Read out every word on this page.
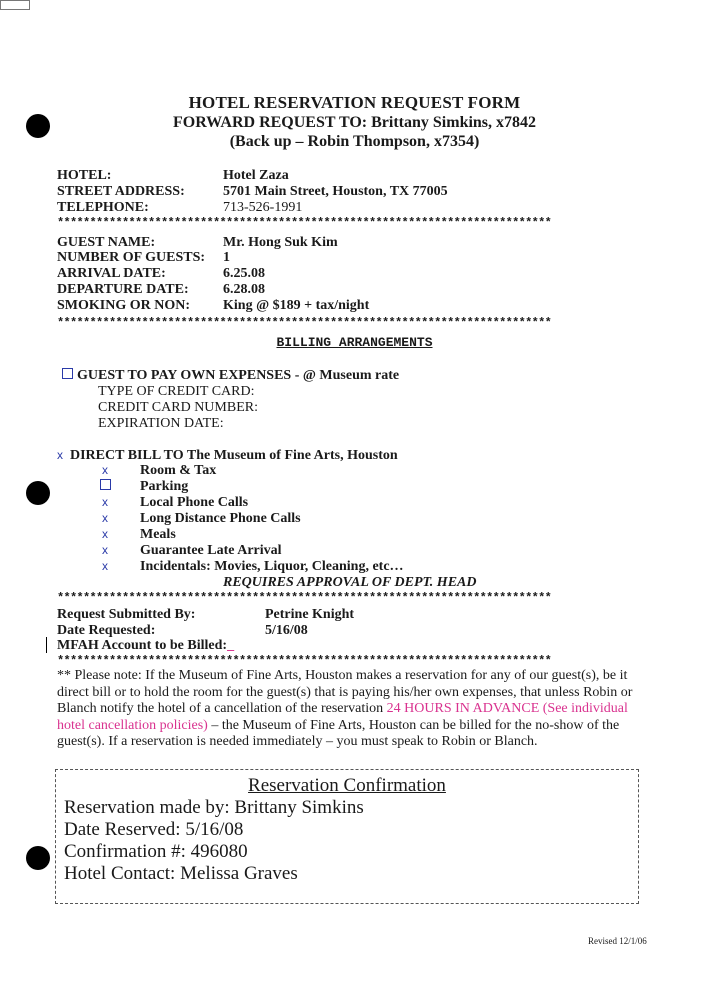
HOTEL RESERVATION REQUEST FORM
FORWARD REQUEST TO: Brittany Simkins, x7842
(Back up – Robin Thompson, x7354)
HOTEL:	Hotel Zaza
STREET ADDRESS:	5701 Main Street, Houston, TX 77005
TELEPHONE:	713-526-1991
****************************************************************************
GUEST NAME:	Mr. Hong Suk Kim
NUMBER OF GUESTS: 1
ARRIVAL DATE:	6.25.08
DEPARTURE DATE: 6.28.08
SMOKING OR NON: King @ $189 + tax/night
****************************************************************************
BILLING ARRANGEMENTS
GUEST TO PAY OWN EXPENSES - @ Museum rate
TYPE OF CREDIT CARD:
CREDIT CARD NUMBER:
EXPIRATION DATE:
x DIRECT BILL TO The Museum of Fine Arts, Houston
x Room & Tax
Parking
x Local Phone Calls
x Long Distance Phone Calls
x Meals
x Guarantee Late Arrival
x Incidentals: Movies, Liquor, Cleaning, etc…
REQUIRES APPROVAL OF DEPT. HEAD
****************************************************************************
Request Submitted By:	Petrine Knight
Date Requested:	5/16/08
MFAH Account to be Billed:_
****************************************************************************
** Please note: If the Museum of Fine Arts, Houston makes a reservation for any of our guest(s), be it direct bill or to hold the room for the guest(s) that is paying his/her own expenses, that unless Robin or Blanch notify the hotel of a cancellation of the reservation 24 HOURS IN ADVANCE (See individual hotel cancellation policies) – the Museum of Fine Arts, Houston can be billed for the no-show of the guest(s). If a reservation is needed immediately – you must speak to Robin or Blanch.
Reservation Confirmation
Reservation made by: Brittany Simkins
Date Reserved: 5/16/08
Confirmation #: 496080
Hotel Contact: Melissa Graves
Revised 12/1/06
